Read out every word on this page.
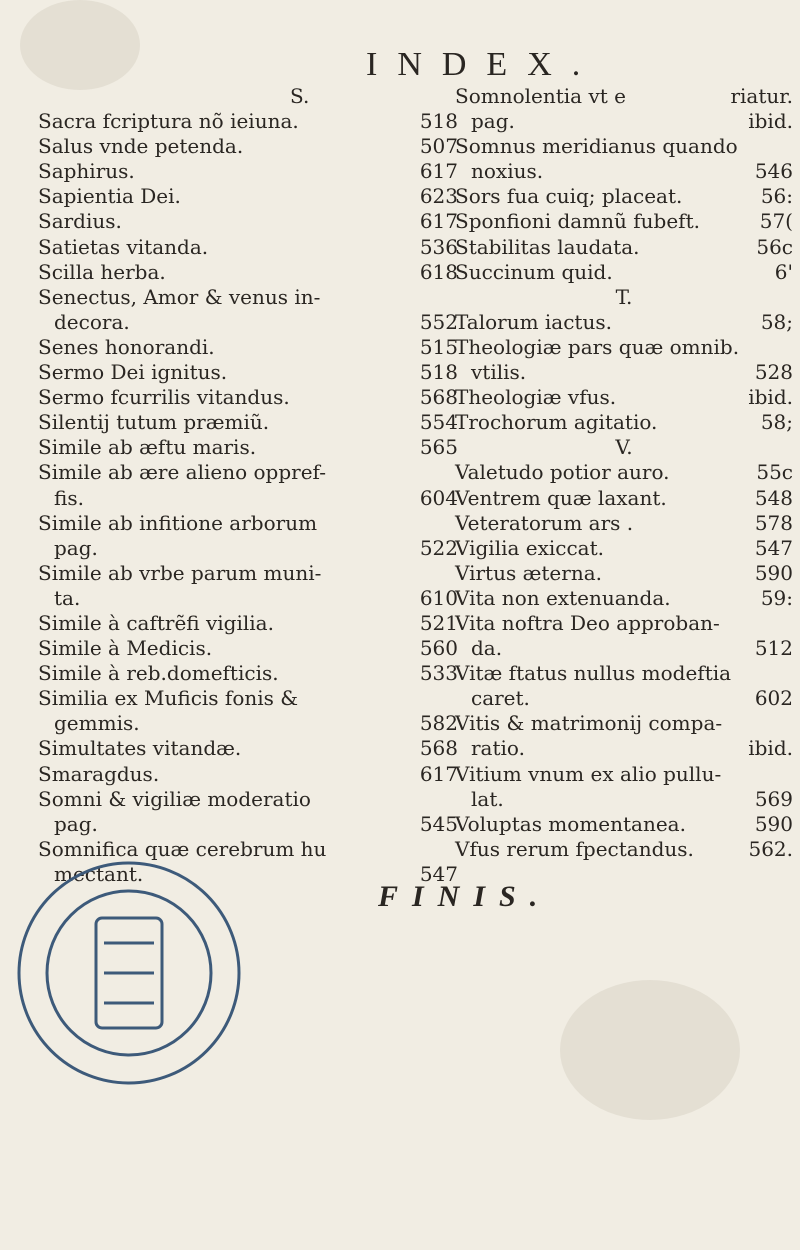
INDEX.
S.
Sacra fcriptura nõ ieiuna.	518
Salus vnde petenda.	507
Saphirus.	617
Sapientia Dei.	623
Sardius.	617
Satietas vitanda.	536
Scilla herba.	618
Senectus, Amor & venus in-
decora.	552
Senes honorandi.	515
Sermo Dei ignitus.	518
Sermo fcurrilis vitandus.	568
Silentij tutum præmiũ.	554
Simile ab æftu maris.	565
Simile ab ære alieno oppref-
fis.	604
Simile ab infitione arborum
pag.	522
Simile ab vrbe parum muni-
ta.	610
Simile à caftrẽfi vigilia.	521
Simile à Medicis.	560
Simile à reb.domefticis.	533
Similia ex Muficis fonis &
gemmis.	582
Simultates vitandæ.	568
Smaragdus.	617
Somni & vigiliæ moderatio
pag.	545
Somnifica quæ cerebrum hu
mectant.	547
Somnolentia vt e	riatur.
pag.	ibid.
Somnus meridianus quando
noxius.	546
Sors fua cuiq; placeat.	56:
Sponfioni damnũ fubeft.	57(
Stabilitas laudata.	56c
Succinum quid.	6'
T.
Talorum iactus.	58;
Theologiæ pars quæ omnib.
vtilis.	528
Theologiæ vfus.	ibid.
Trochorum agitatio.	58;
V.
Valetudo potior auro.	55c
Ventrem quæ laxant.	548
Veteratorum ars .	578
Vigilia exiccat.	547
Virtus æterna.	590
Vita non extenuanda.	59:
Vita noftra Deo approban-
da.	512
Vitæ ftatus nullus modeftia
caret.	602
Vitis & matrimonij compa-
ratio.	ibid.
Vitium vnum ex alio pullu-
lat.	569
Voluptas momentanea.	590
Vfus rerum fpectandus.	562.
FINIS.
